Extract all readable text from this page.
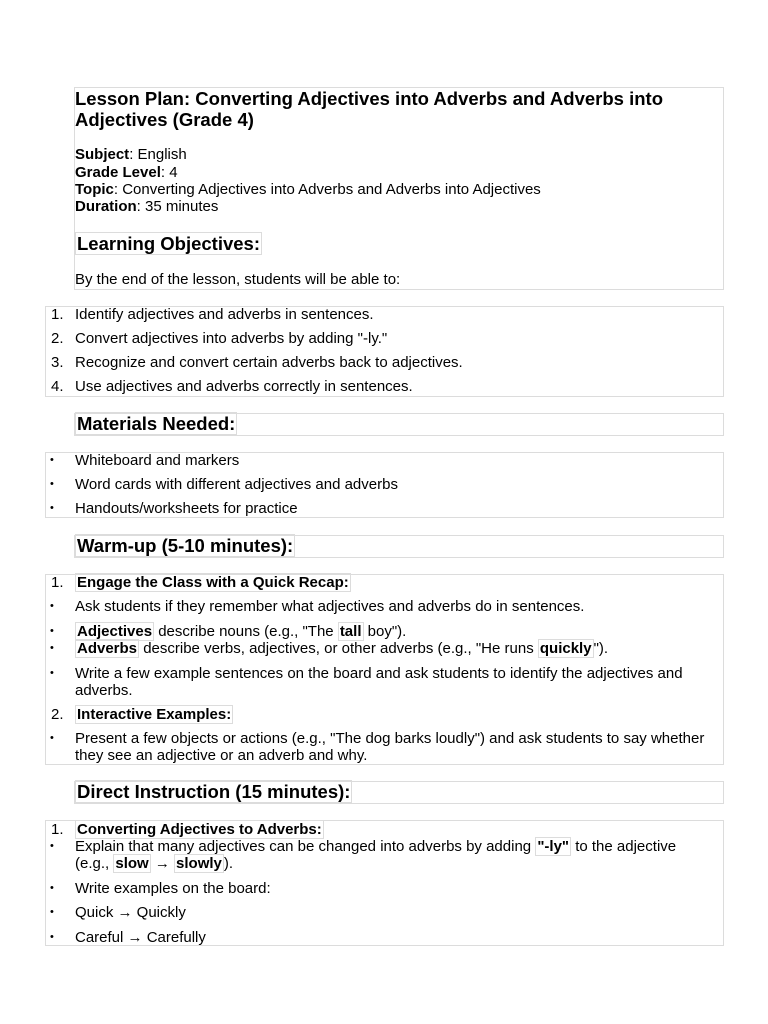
Lesson Plan: Converting Adjectives into Adverbs and Adverbs into Adjectives (Grade 4)
Subject: English
Grade Level: 4
Topic: Converting Adjectives into Adverbs and Adverbs into Adjectives
Duration: 35 minutes
Learning Objectives:
By the end of the lesson, students will be able to:
1. Identify adjectives and adverbs in sentences.
2. Convert adjectives into adverbs by adding "-ly."
3. Recognize and convert certain adverbs back to adjectives.
4. Use adjectives and adverbs correctly in sentences.
Materials Needed:
• Whiteboard and markers
• Word cards with different adjectives and adverbs
• Handouts/worksheets for practice
Warm-up (5-10 minutes):
1. Engage the Class with a Quick Recap:
• Ask students if they remember what adjectives and adverbs do in sentences.
• Adjectives describe nouns (e.g., "The tall boy").
• Adverbs describe verbs, adjectives, or other adverbs (e.g., "He runs quickly ").
• Write a few example sentences on the board and ask students to identify the adjectives and adverbs.
2. Interactive Examples:
• Present a few objects or actions (e.g., "The dog barks loudly") and ask students to say whether they see an adjective or an adverb and why.
Direct Instruction (15 minutes):
1. Converting Adjectives to Adverbs:
• Explain that many adjectives can be changed into adverbs by adding "-ly" to the adjective
(e.g., slow → slowly ).
• Write examples on the board:
• Quick → Quickly
• Careful → Carefully
